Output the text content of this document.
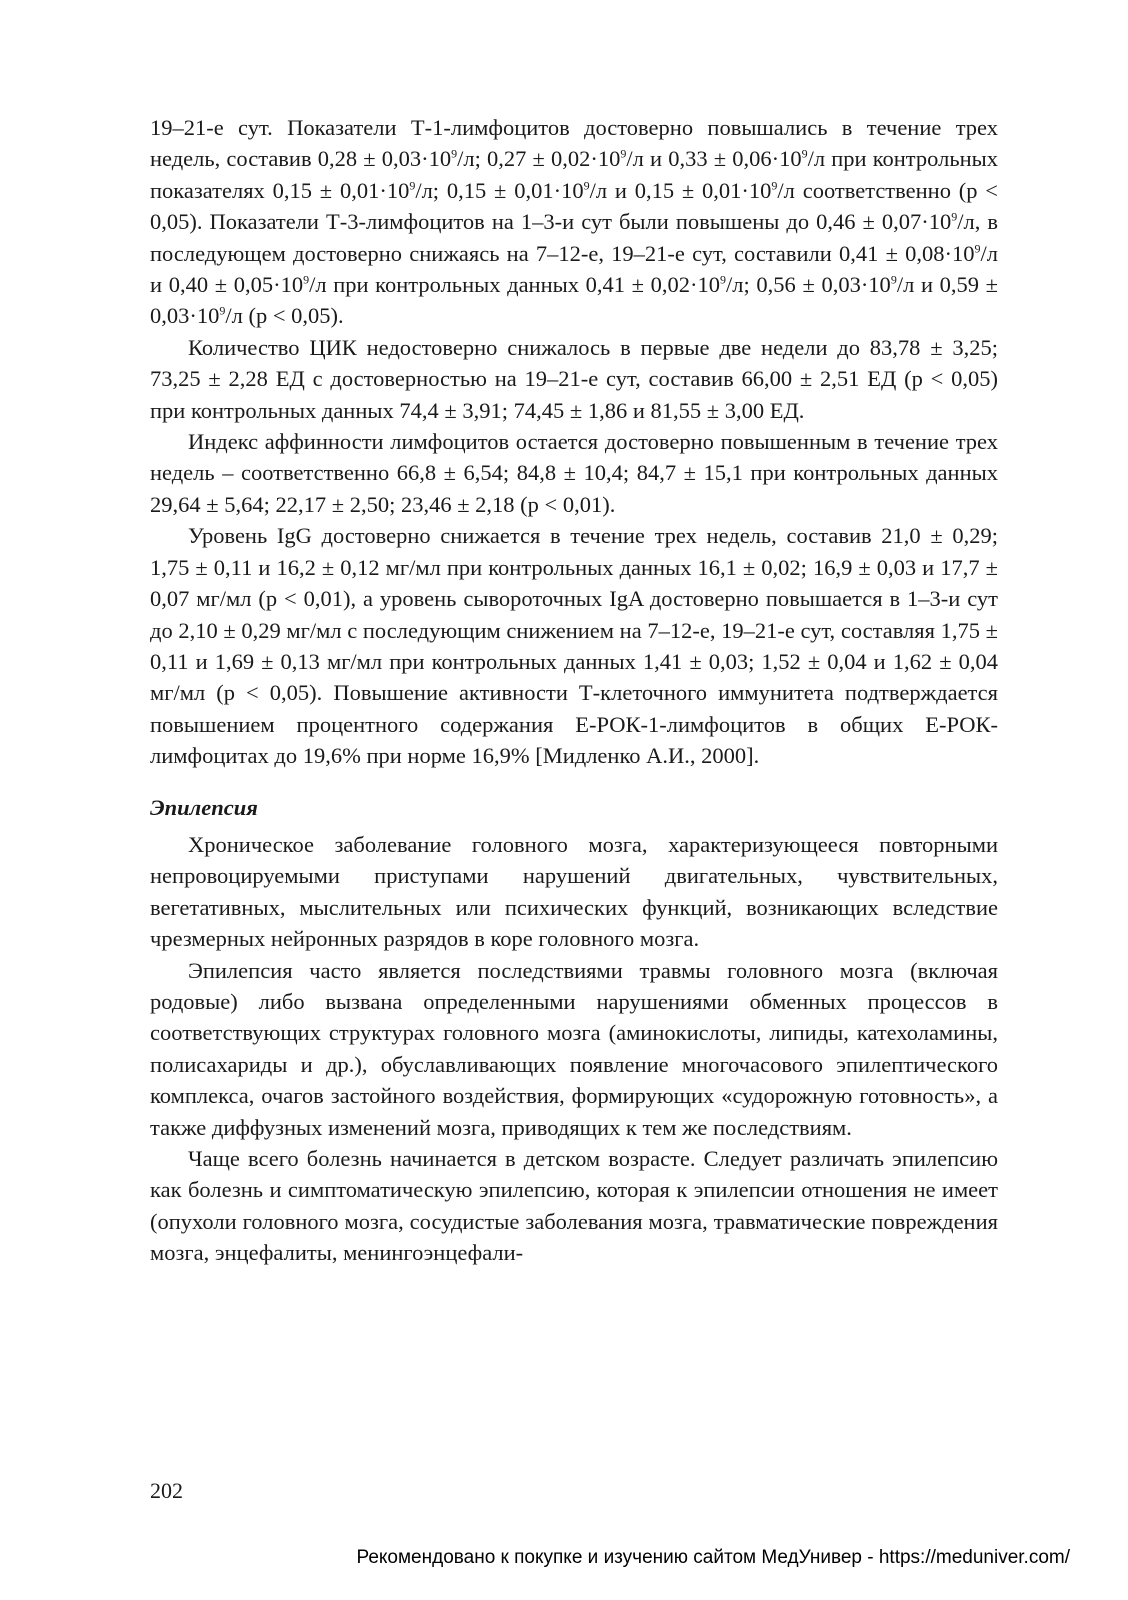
19–21-е сут. Показатели Т-1-лимфоцитов достоверно повышались в течение трех недель, составив $0,28 \pm 0,03\cdot 10^9/л$; $0,27 \pm 0,02\cdot 10^9/л$ и $0,33 \pm 0,06\cdot 10^9/л$ при контрольных показателях $0,15 \pm 0,01\cdot 10^9/л$; $0,15 \pm 0,01\cdot 10^9/л$ и $0,15 \pm 0,01\cdot 10^9/л$ соответственно (р < 0,05). Показатели Т-3-лимфоцитов на 1–3-и сут были повышены до $0,46 \pm 0,07\cdot 10^9/л$, в последующем достоверно снижаясь на 7–12-е, 19–21-е сут, составили $0,41 \pm 0,08\cdot 10^9/л$ и $0,40 \pm 0,05\cdot 10^9/л$ при контрольных данных $0,41 \pm 0,02\cdot 10^9/л$; $0,56 \pm 0,03\cdot 10^9/л$ и $0,59 \pm 0,03\cdot 10^9/л$ (р < 0,05).

Количество ЦИК недостоверно снижалось в первые две недели до 83,78 ± 3,25; 73,25 ± 2,28 ЕД с достоверностью на 19–21-е сут, составив 66,00 ± 2,51 ЕД (р < 0,05) при контрольных данных 74,4 ± 3,91; 74,45 ± 1,86 и 81,55 ± 3,00 ЕД.

Индекс аффинности лимфоцитов остается достоверно повышенным в течение трех недель – соответственно 66,8 ± 6,54; 84,8 ± 10,4; 84,7 ± 15,1 при контрольных данных 29,64 ± 5,64; 22,17 ± 2,50; 23,46 ± 2,18 (р < 0,01).

Уровень IgG достоверно снижается в течение трех недель, составив 21,0 ± 0,29; 1,75 ± 0,11 и 16,2 ± 0,12 мг/мл при контрольных данных 16,1 ± 0,02; 16,9 ± 0,03 и 17,7 ± 0,07 мг/мл (р < 0,01), а уровень сывороточных IgA достоверно повышается в 1–3-и сут до 2,10 ± 0,29 мг/мл с последующим снижением на 7–12-е, 19–21-е сут, составляя 1,75 ± 0,11 и 1,69 ± 0,13 мг/мл при контрольных данных 1,41 ± 0,03; 1,52 ± 0,04 и 1,62 ± 0,04 мг/мл (р < 0,05). Повышение активности Т-клеточного иммунитета подтверждается повышением процентного содержания Е-РОК-1-лимфоцитов в общих Е-РОК-лимфоцитах до 19,6% при норме 16,9% [Мидленко А.И., 2000].

Эпилепсия

Хроническое заболевание головного мозга, характеризующееся повторными непровоцируемыми приступами нарушений двигательных, чувствительных, вегетативных, мыслительных или психических функций, возникающих вследствие чрезмерных нейронных разрядов в коре головного мозга.

Эпилепсия часто является последствиями травмы головного мозга (включая родовые) либо вызвана определенными нарушениями обменных процессов в соответствующих структурах головного мозга (аминокислоты, липиды, катехоламины, полисахариды и др.), обуславливающих появление многочасового эпилептического комплекса, очагов застойного воздействия, формирующих «судорожную готовность», а также диффузных изменений мозга, приводящих к тем же последствиям.

Чаще всего болезнь начинается в детском возрасте. Следует различать эпилепсию как болезнь и симптоматическую эпилепсию, которая к эпилепсии отношения не имеет (опухоли головного мозга, сосудистые заболевания мозга, травматические повреждения мозга, энцефалиты, менингоэнцефали-

202
Рекомендовано к покупке и изучению сайтом МедУнивер - https://meduniver.com/
